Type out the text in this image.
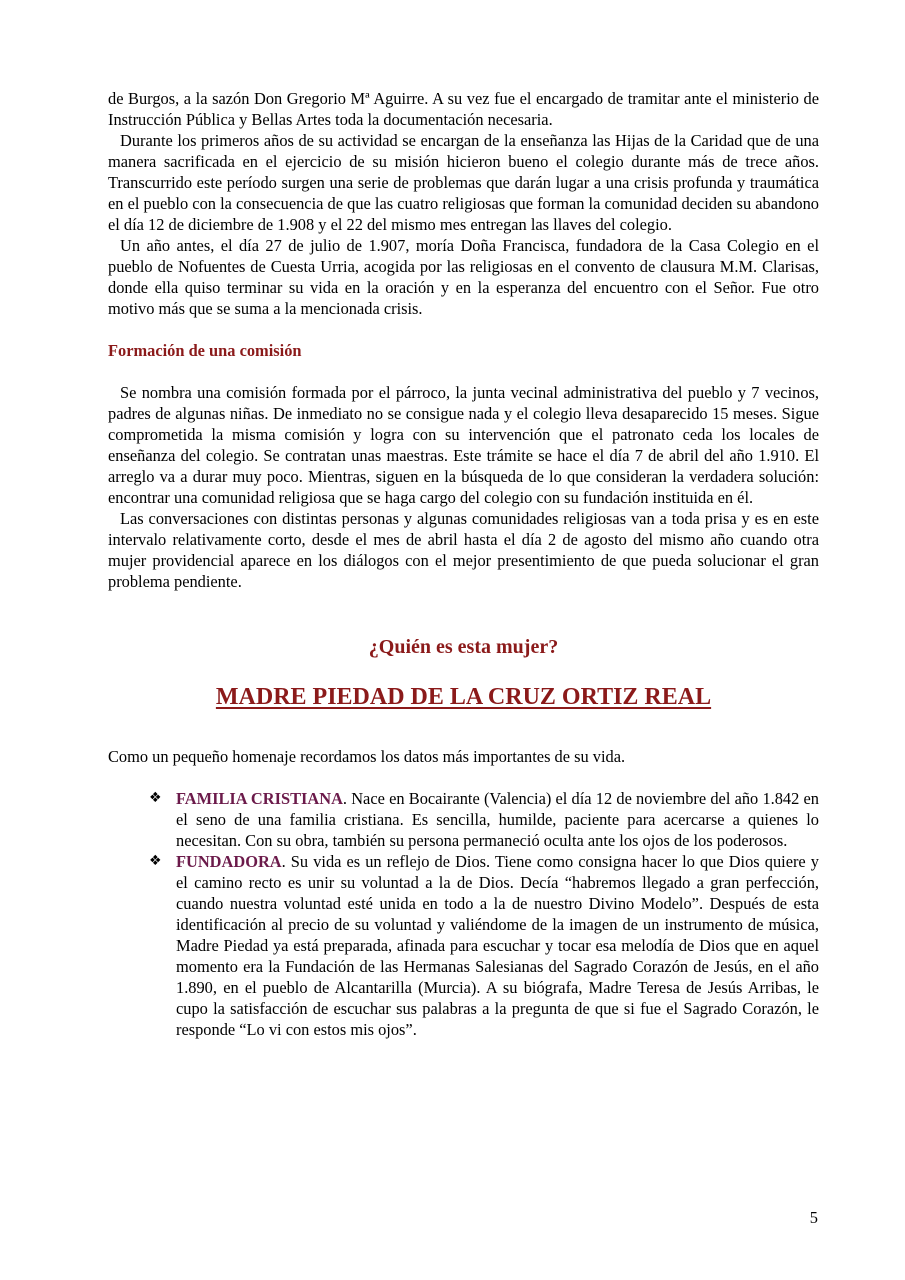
de Burgos, a la sazón Don Gregorio Mª Aguirre. A su vez fue el encargado de tramitar ante el ministerio de Instrucción Pública y Bellas Artes toda la documentación necesaria.

Durante los primeros años de su actividad se encargan de la enseñanza las Hijas de la Caridad que de una manera sacrificada en el ejercicio de su misión hicieron bueno el colegio durante más de trece años. Transcurrido este período surgen una serie de problemas que darán lugar a una crisis profunda y traumática en el pueblo con la consecuencia de que las cuatro religiosas que forman la comunidad deciden su abandono el día 12 de diciembre de 1.908 y el 22 del mismo mes entregan las llaves del colegio.

Un año antes, el día 27 de julio de 1.907, moría Doña Francisca, fundadora de la Casa Colegio en el pueblo de Nofuentes de Cuesta Urria, acogida por las religiosas en el convento de clausura M.M. Clarisas, donde ella quiso terminar su vida en la oración y en la esperanza del encuentro con el Señor. Fue otro motivo más que se suma a la mencionada crisis.

Formación de una comisión

Se nombra una comisión formada por el párroco, la junta vecinal administrativa del pueblo y 7 vecinos, padres de algunas niñas. De inmediato no se consigue nada y el colegio lleva desaparecido 15 meses. Sigue comprometida la misma comisión y logra con su intervención que el patronato ceda los locales de enseñanza del colegio. Se contratan unas maestras. Este trámite se hace el día 7 de abril del año 1.910. El arreglo va a durar muy poco. Mientras, siguen en la búsqueda de lo que consideran la verdadera solución: encontrar una comunidad religiosa que se haga cargo del colegio con su fundación instituida en él.

Las conversaciones con distintas personas y algunas comunidades religiosas van a toda prisa y es en este intervalo relativamente corto, desde el mes de abril hasta el día 2 de agosto del mismo año cuando otra mujer providencial aparece en los diálogos con el mejor presentimiento de que pueda solucionar el gran problema pendiente.

¿Quién es esta mujer?
MADRE PIEDAD DE LA CRUZ ORTIZ REAL

Como un pequeño homenaje recordamos los datos más importantes de su vida.

❖ FAMILIA CRISTIANA. Nace en Bocairante (Valencia) el día 12 de noviembre del año 1.842 en el seno de una familia cristiana. Es sencilla, humilde, paciente para acercarse a quienes lo necesitan. Con su obra, también su persona permaneció oculta ante los ojos de los poderosos.
❖ FUNDADORA. Su vida es un reflejo de Dios. Tiene como consigna hacer lo que Dios quiere y el camino recto es unir su voluntad a la de Dios. Decía “habremos llegado a gran perfección, cuando nuestra voluntad esté unida en todo a la de nuestro Divino Modelo”. Después de esta identificación al precio de su voluntad y valiéndome de la imagen de un instrumento de música, Madre Piedad ya está preparada, afinada para escuchar y tocar esa melodía de Dios que en aquel momento era la Fundación de las Hermanas Salesianas del Sagrado Corazón de Jesús, en el año 1.890, en el pueblo de Alcantarilla (Murcia). A su biógrafa, Madre Teresa de Jesús Arribas, le cupo la satisfacción de escuchar sus palabras a la pregunta de que si fue el Sagrado Corazón, le responde “Lo vi con estos mis ojos”.
5
